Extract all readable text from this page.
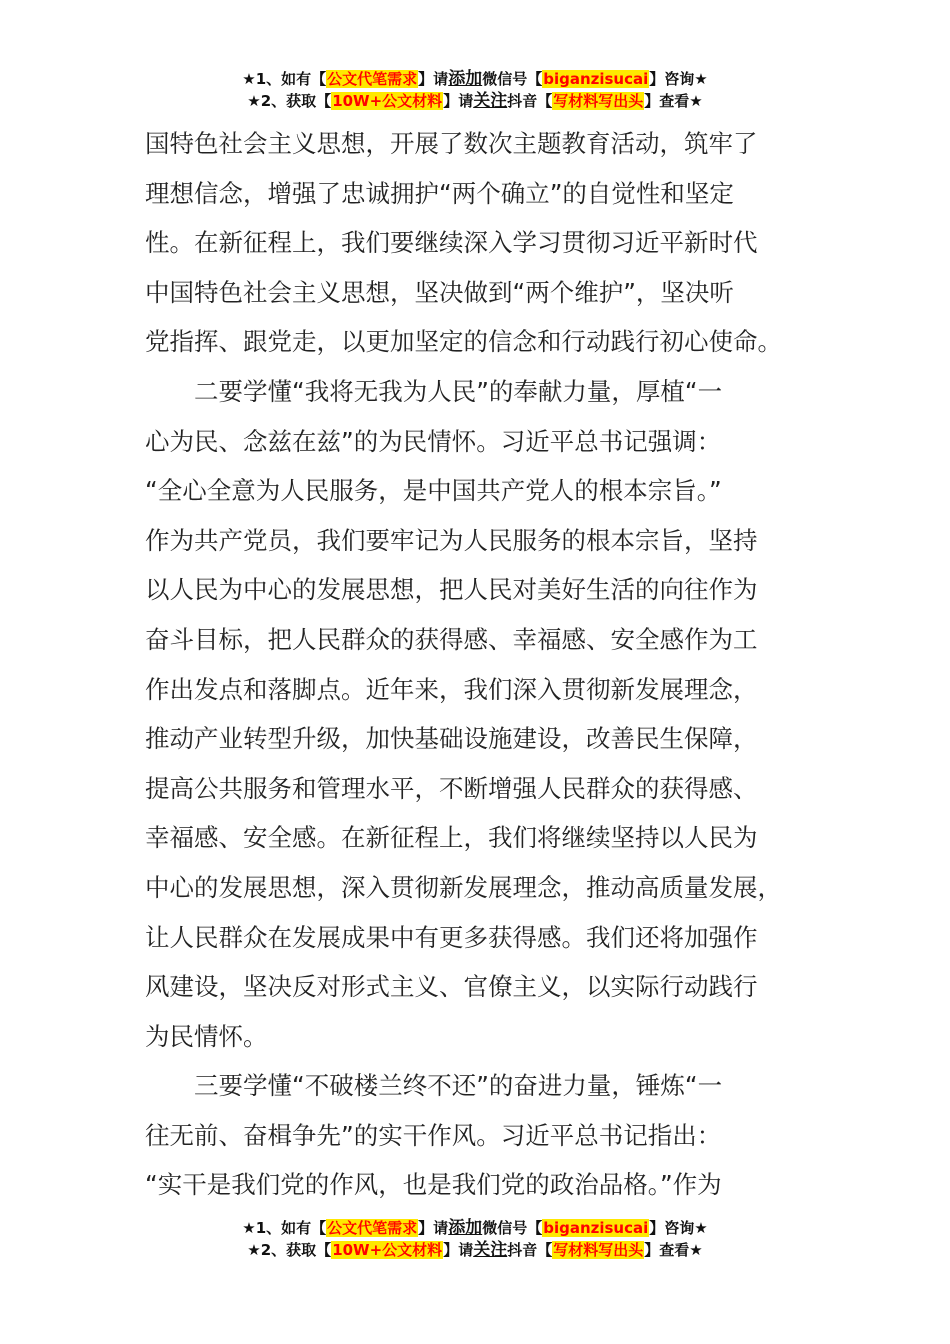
★1、如有【公文代笔需求】请添加微信号【biganzisucai】咨询★
★2、获取【10W+公文材料】请关注抖音【写材料写出头】查看★
国特色社会主义思想，开展了数次主题教育活动，筑牢了
理想信念，增强了忠诚拥护“两个确立”的自觉性和坚定
性。在新征程上，我们要继续深入学习贯彻习近平新时代
中国特色社会主义思想，坚决做到“两个维护”，坚决听
党指挥、跟党走，以更加坚定的信念和行动践行初心使命。
二要学懂“我将无我为人民”的奉献力量，厚植“一
心为民、念兹在兹”的为民情怀。习近平总书记强调：
“全心全意为人民服务，是中国共产党人的根本宗旨。”
作为共产党员，我们要牢记为人民服务的根本宗旨，坚持
以人民为中心的发展思想，把人民对美好生活的向往作为
奋斗目标，把人民群众的获得感、幸福感、安全感作为工
作出发点和落脚点。近年来，我们深入贯彻新发展理念，
推动产业转型升级，加快基础设施建设，改善民生保障，
提高公共服务和管理水平，不断增强人民群众的获得感、
幸福感、安全感。在新征程上，我们将继续坚持以人民为
中心的发展思想，深入贯彻新发展理念，推动高质量发展，
让人民群众在发展成果中有更多获得感。我们还将加强作
风建设，坚决反对形式主义、官僚主义，以实际行动践行
为民情怀。
三要学懂“不破楼兰终不还”的奋进力量，锤炼“一
往无前、奋楫争先”的实干作风。习近平总书记指出：
“实干是我们党的作风，也是我们党的政治品格。”作为
★1、如有【公文代笔需求】请添加微信号【biganzisucai】咨询★
★2、获取【10W+公文材料】请关注抖音【写材料写出头】查看★
